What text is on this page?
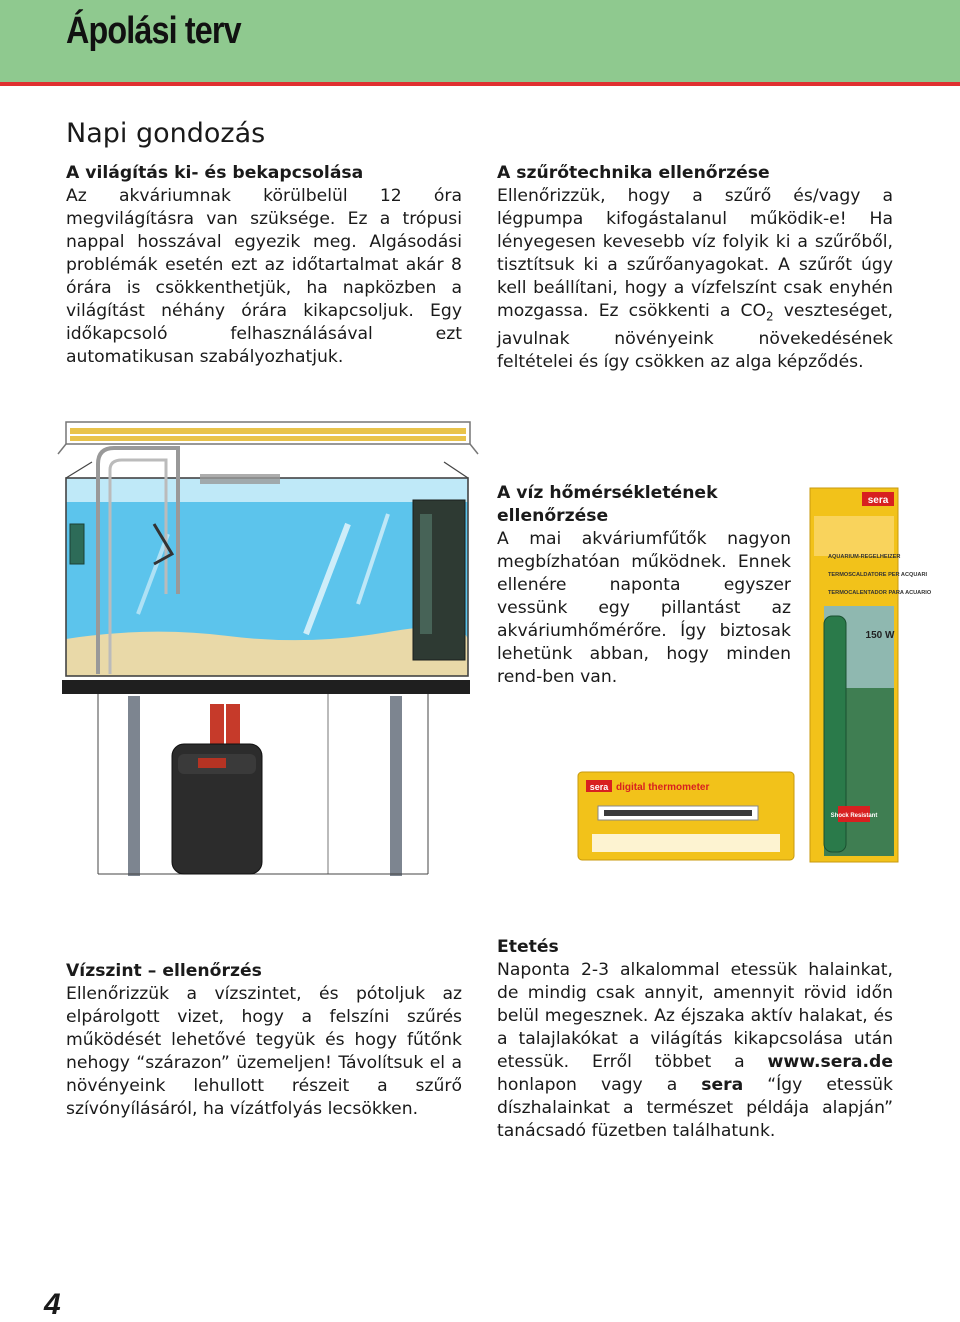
Ápolási terv
Napi gondozás
A világítás ki- és bekapcsolása
Az akváriumnak körülbelül 12 óra megvilágításra van szüksége. Ez a trópusi nappal hosszával egyezik meg. Algásodási problémák esetén ezt az időtartalmat akár 8 órára is csökkenthetjük, ha napközben a világítást néhány órára kikapcsoljuk. Egy időkapcsoló felhasználásával ezt automatikusan szabályozhatjuk.
A szűrőtechnika ellenőrzése
Ellenőrizzük, hogy a szűrő és/vagy a légpumpa kifogástalanul működik-e! Ha lényegesen kevesebb víz folyik ki a szűrőből, tisztítsuk ki a szűrőanyagokat. A szűrőt úgy kell beállítani, hogy a vízfelszínt csak enyhén mozgassa. Ez csökkenti a $CO_2$ veszteséget, javulnak növényeink növekedésének feltételei és így csökken az alga képződés.
A víz hőmérsékletének ellenőrzése
A mai akváriumfűtők nagyon megbízhatóan működnek. Ennek ellenére naponta egyszer vessünk egy pillantást az akváriumhőmérőre. Így biztosak lehetünk abban, hogy minden rend-ben van.
sera
AQUARIUM-REGELHEIZER
TERMOSCALDATORE PER ACQUARI
TERMOCALENTADOR PARA ACUARIO
150 W
Shock Resistant
sera digital thermometer
Vízszint – ellenőrzés
Ellenőrizzük a vízszintet, és pótoljuk az elpárolgott vizet, hogy a felszíni szűrés működését lehetővé tegyük és hogy fűtőnk nehogy “szárazon” üzemeljen! Távolítsuk el a növényeink lehullott részeit a szűrő szívónyílásáról, ha vízátfolyás lecsökken.
Etetés
Naponta 2-3 alkalommal etessük halainkat, de mindig csak annyit, amennyit rövid időn belül megesznek. Az éjszaka aktív halakat, és a talajlakókat a világítás kikapcsolása után etessük. Erről többet a www.sera.de honlapon vagy a sera “Így etessük díszhalainkat a természet példája alapján” tanácsadó füzetben találhatunk.
4
